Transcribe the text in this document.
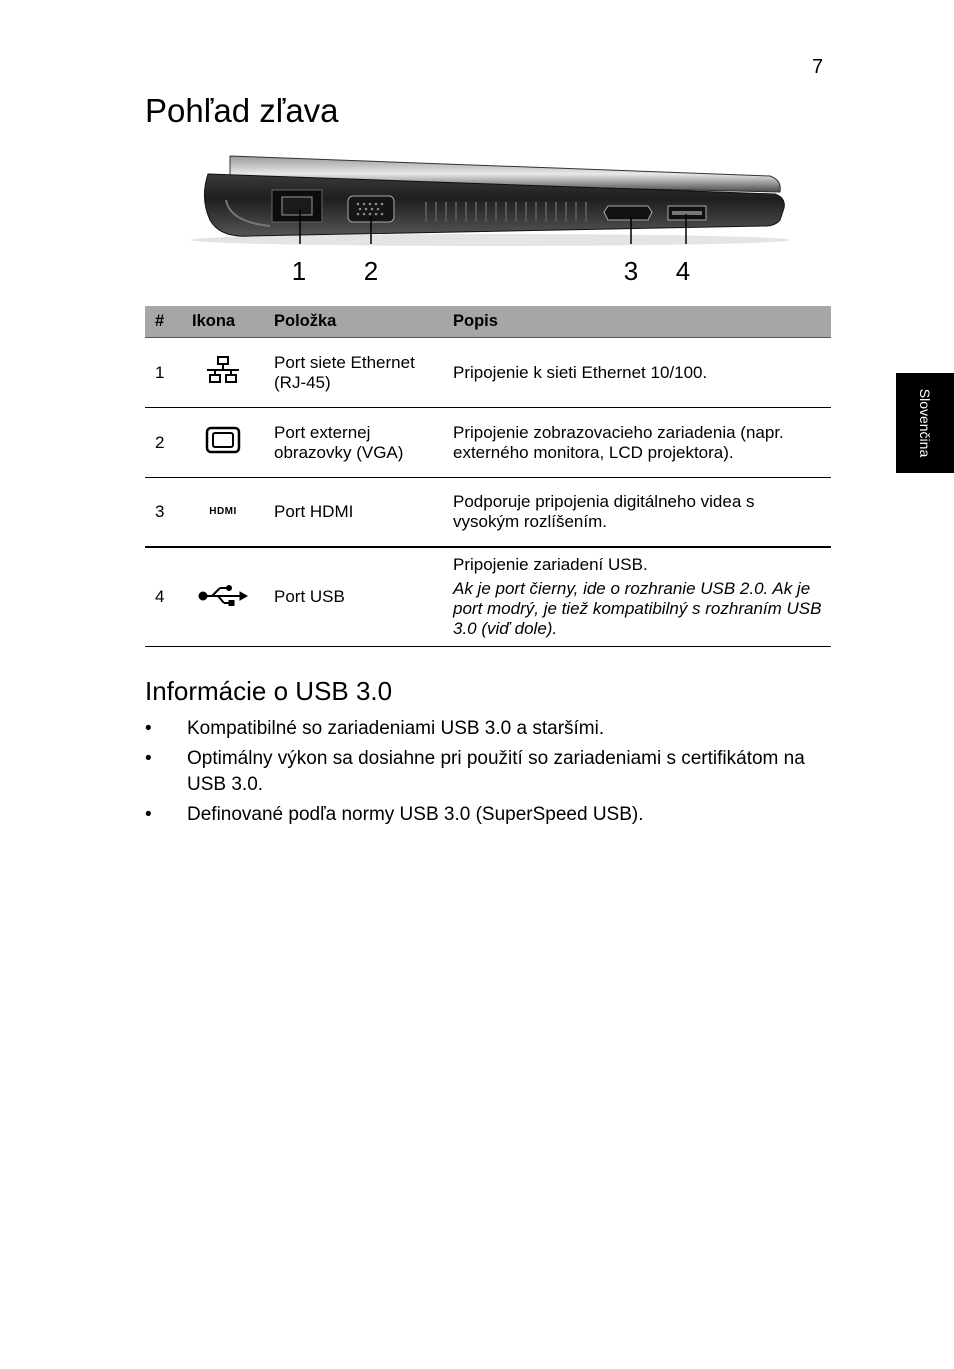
7
Pohľad zľava
Slovenčina
1 2	3 4
#	Ikona	Položka	Popis
1		Port siete Ethernet (RJ-45)	Pripojenie k sieti Ethernet 10/100.
2		Port externej obrazovky (VGA)	Pripojenie zobrazovacieho zariadenia (napr. externého monitora, LCD projektora).
3	HDMI	Port HDMI	Podporuje pripojenia digitálneho videa s vysokým rozlíšením.
4		Port USB	Pripojenie zariadení USB.
Ak je port čierny, ide o rozhranie USB 2.0. Ak je port modrý, je tiež kompatibilný s rozhraním USB 3.0 (viď dole).
Informácie o USB 3.0
• Kompatibilné so zariadeniami USB 3.0 a staršími.
• Optimálny výkon sa dosiahne pri použití so zariadeniami s certifikátom na USB 3.0.
• Definované podľa normy USB 3.0 (SuperSpeed USB).
